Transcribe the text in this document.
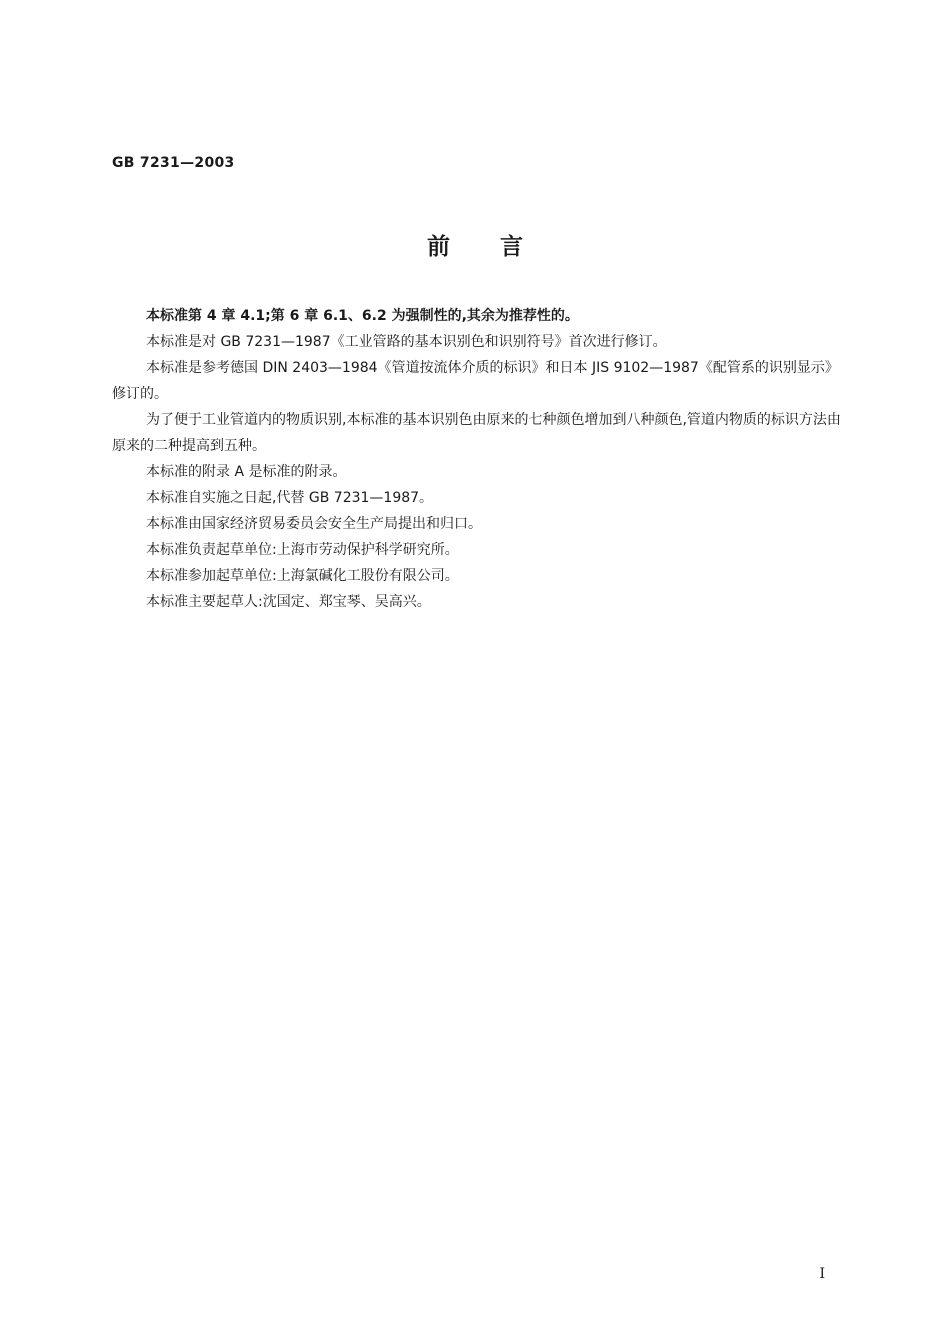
GB 7231—2003
前言

本标准第 4 章 4.1;第 6 章 6.1、6.2 为强制性的,其余为推荐性的。

本标准是对 GB 7231—1987《工业管路的基本识别色和识别符号》首次进行修订。

本标准是参考德国 DIN 2403—1984《管道按流体介质的标识》和日本 JIS 9102—1987《配管系的识别显示》修订的。

为了便于工业管道内的物质识别,本标准的基本识别色由原来的七种颜色增加到八种颜色,管道内物质的标识方法由原来的二种提高到五种。

本标准的附录 A 是标准的附录。

本标准自实施之日起,代替 GB 7231—1987。

本标准由国家经济贸易委员会安全生产局提出和归口。

本标准负责起草单位:上海市劳动保护科学研究所。

本标准参加起草单位:上海氯碱化工股份有限公司。

本标准主要起草人:沈国定、郑宝琴、吴高兴。

I
